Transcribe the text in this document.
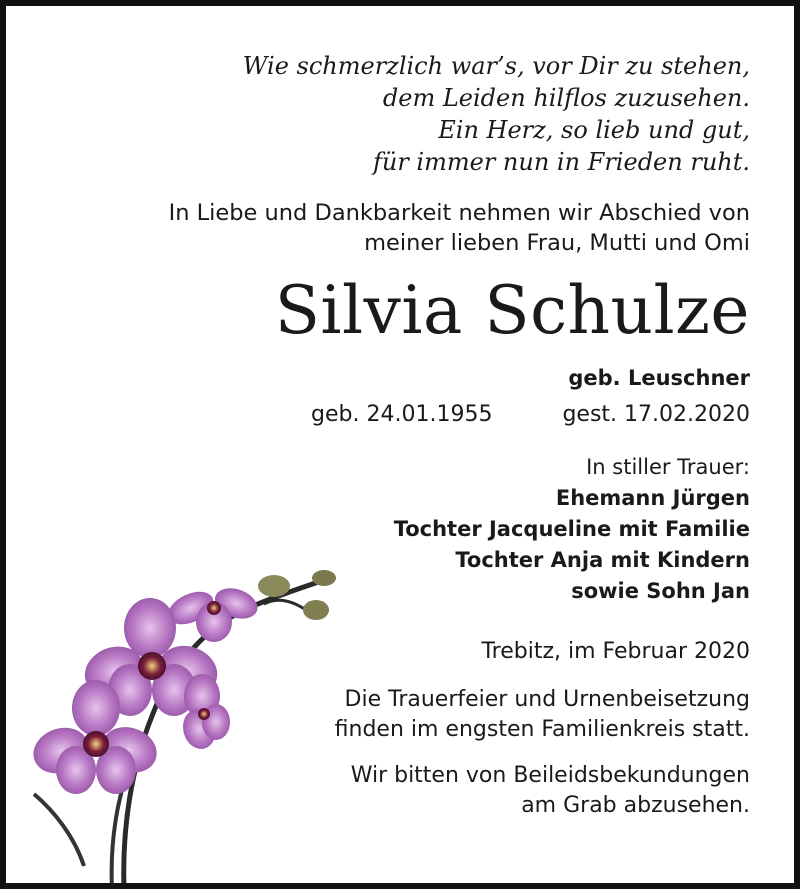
Wie schmerzlich war’s, vor Dir zu stehen,
dem Leiden hilflos zuzusehen.
Ein Herz, so lieb und gut,
für immer nun in Frieden ruht.
In Liebe und Dankbarkeit nehmen wir Abschied von
meiner lieben Frau, Mutti und Omi
Silvia Schulze
geb. Leuschner
geb. 24.01.1955	gest. 17.02.2020
In stiller Trauer:
Ehemann Jürgen
Tochter Jacqueline mit Familie
Tochter Anja mit Kindern
sowie Sohn Jan
Trebitz, im Februar 2020
Die Trauerfeier und Urnenbeisetzung
finden im engsten Familienkreis statt.
Wir bitten von Beileidsbekundungen
am Grab abzusehen.
